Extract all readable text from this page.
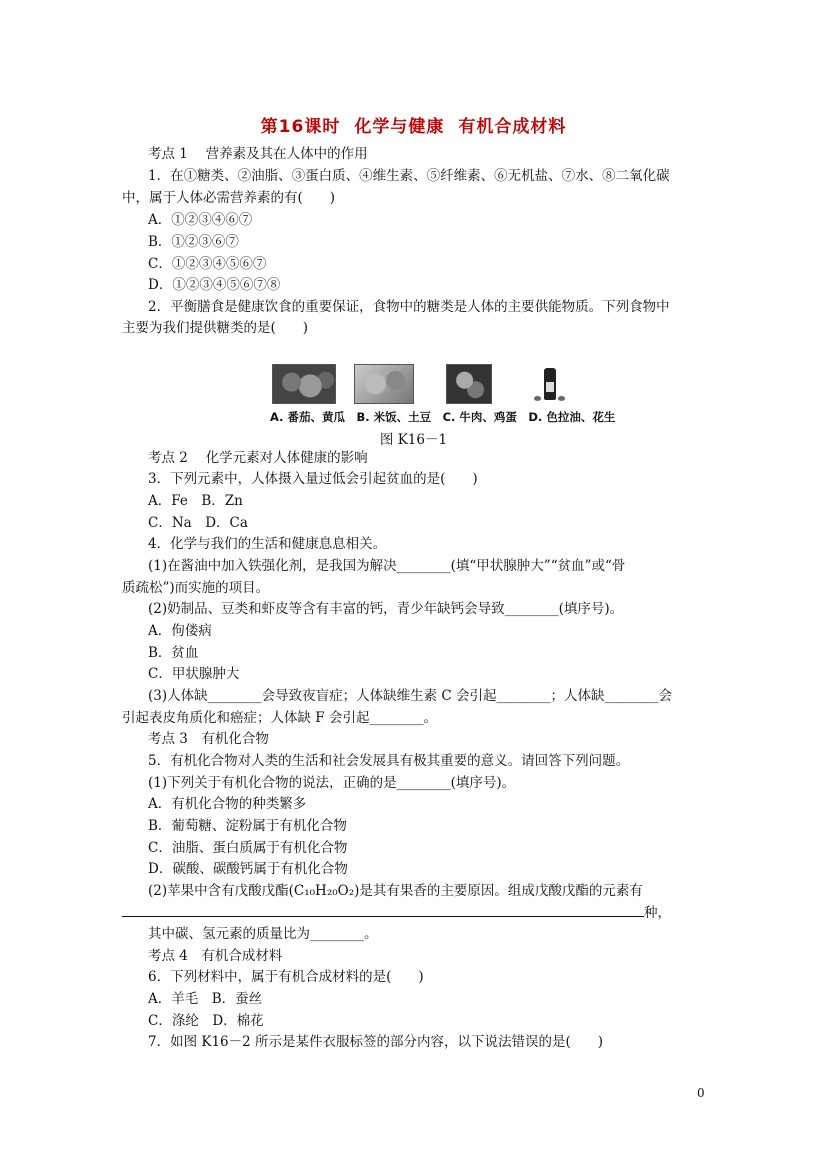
第16课时 化学与健康 有机合成材料
考点 1　 营养素及其在人体中的作用
1．在①糖类、②油脂、③蛋白质、④维生素、⑤纤维素、⑥无机盐、⑦水、⑧二氧化碳
中，属于人体必需营养素的有(　　)
A．①②③④⑥⑦
B．①②③⑥⑦
C．①②③④⑤⑥⑦
D．①②③④⑤⑥⑦⑧
2．平衡膳食是健康饮食的重要保证，食物中的糖类是人体的主要供能物质。下列食物中
主要为我们提供糖类的是(　　)
A. 番茄、黄瓜　B. 米饭、土豆　C. 牛肉、鸡蛋　D. 色拉油、花生
图 K16－1
考点 2　 化学元素对人体健康的影响
3．下列元素中，人体摄入量过低会引起贫血的是(　　)
A．Fe　B．Zn
C．Na　D．Ca
4．化学与我们的生活和健康息息相关。
(1)在酱油中加入铁强化剂，是我国为解决________(填“甲状腺肿大”“贫血”或“骨
质疏松”)而实施的项目。
(2)奶制品、豆类和虾皮等含有丰富的钙，青少年缺钙会导致________(填序号)。
A．佝偻病
B．贫血
C．甲状腺肿大
(3)人体缺________会导致夜盲症；人体缺维生素 C 会引起________；人体缺________会
引起表皮角质化和癌症；人体缺 F 会引起________。
考点 3　有机化合物
5．有机化合物对人类的生活和社会发展具有极其重要的意义。请回答下列问题。
(1)下列关于有机化合物的说法，正确的是________(填序号)。
A．有机化合物的种类繁多
B．葡萄糖、淀粉属于有机化合物
C．油脂、蛋白质属于有机化合物
D．碳酸、碳酸钙属于有机化合物
(2)苹果中含有戊酸戊酯(C₁₀H₂₀O₂)是其有果香的主要原因。组成戊酸戊酯的元素有
种，
其中碳、氢元素的质量比为________。
考点 4　有机合成材料
6．下列材料中，属于有机合成材料的是(　　)
A．羊毛　B．蚕丝
C．涤纶　D．棉花
7．如图 K16－2 所示是某件衣服标签的部分内容，以下说法错误的是(　　)
0
